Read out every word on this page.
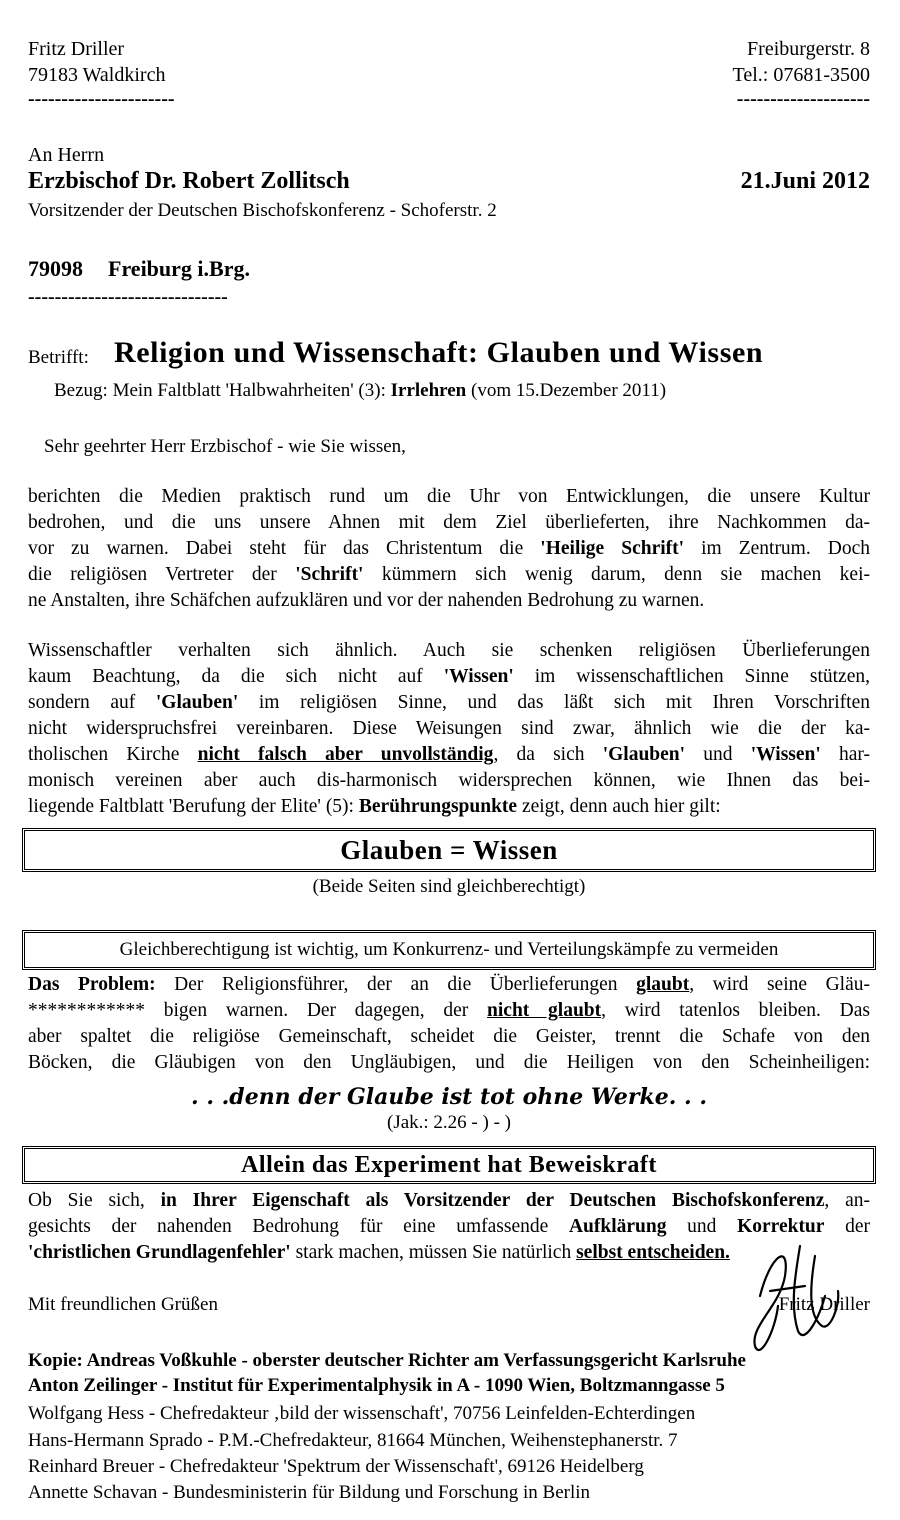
Fritz Driller
79183 Waldkirch
----------------------
Freiburgerstr. 8
Tel.: 07681-3500
--------------------
An Herrn
Erzbischof Dr. Robert Zollitsch
Vorsitzender der Deutschen Bischofskonferenz - Schoferstr. 2
21.Juni 2012
79098 Freiburg i.Brg.
------------------------------
Betrifft: Religion und Wissenschaft: Glauben und Wissen
Bezug: Mein Faltblatt 'Halbwahrheiten' (3): Irrlehren (vom 15.Dezember 2011)
Sehr geehrter Herr Erzbischof - wie Sie wissen,
berichten die Medien praktisch rund um die Uhr von Entwicklungen, die unsere Kultur
bedrohen, und die uns unsere Ahnen mit dem Ziel überlieferten, ihre Nachkommen da-
vor zu warnen. Dabei steht für das Christentum die 'Heilige Schrift' im Zentrum. Doch
die religiösen Vertreter der 'Schrift' kümmern sich wenig darum, denn sie machen kei-
ne Anstalten, ihre Schäfchen aufzuklären und vor der nahenden Bedrohung zu warnen.
Wissenschaftler verhalten sich ähnlich. Auch sie schenken religiösen Überlieferungen
kaum Beachtung, da die sich nicht auf 'Wissen' im wissenschaftlichen Sinne stützen,
sondern auf 'Glauben' im religiösen Sinne, und das läßt sich mit Ihren Vorschriften
nicht widerspruchsfrei vereinbaren. Diese Weisungen sind zwar, ähnlich wie die der ka-
tholischen Kirche nicht falsch aber unvollständig, da sich 'Glauben' und 'Wissen' har-
monisch vereinen aber auch dis-harmonisch widersprechen können, wie Ihnen das bei-
liegende Faltblatt 'Berufung der Elite' (5): Berührungspunkte zeigt, denn auch hier gilt:
Glauben = Wissen
(Beide Seiten sind gleichberechtigt)
Gleichberechtigung ist wichtig, um Konkurrenz- und Verteilungskämpfe zu vermeiden
Das Problem: Der Religionsführer, der an die Überlieferungen glaubt, wird seine Gläu-
************ bigen warnen. Der dagegen, der nicht glaubt, wird tatenlos bleiben. Das
aber spaltet die religiöse Gemeinschaft, scheidet die Geister, trennt die Schafe von den
Böcken, die Gläubigen von den Ungläubigen, und die Heiligen von den Scheinheiligen:
. . .denn der Glaube ist tot ohne Werke. . .
(Jak.: 2.26 - ) - )
Allein das Experiment hat Beweiskraft
Ob Sie sich, in Ihrer Eigenschaft als Vorsitzender der Deutschen Bischofskonferenz, an-
gesichts der nahenden Bedrohung für eine umfassende Aufklärung und Korrektur der
'christlichen Grundlagenfehler' stark machen, müssen Sie natürlich selbst entscheiden.
Mit freundlichen Grüßen	Fritz Driller
Kopie: Andreas Voßkuhle - oberster deutscher Richter am Verfassungsgericht Karlsruhe
Anton Zeilinger - Institut für Experimentalphysik in A - 1090 Wien, Boltzmanngasse 5
Wolfgang Hess - Chefredakteur ‚bild der wissenschaft', 70756 Leinfelden-Echterdingen
Hans-Hermann Sprado - P.M.-Chefredakteur, 81664 München, Weihenstephanerstr. 7
Reinhard Breuer - Chefredakteur 'Spektrum der Wissenschaft', 69126 Heidelberg
Annette Schavan - Bundesministerin für Bildung und Forschung in Berlin
